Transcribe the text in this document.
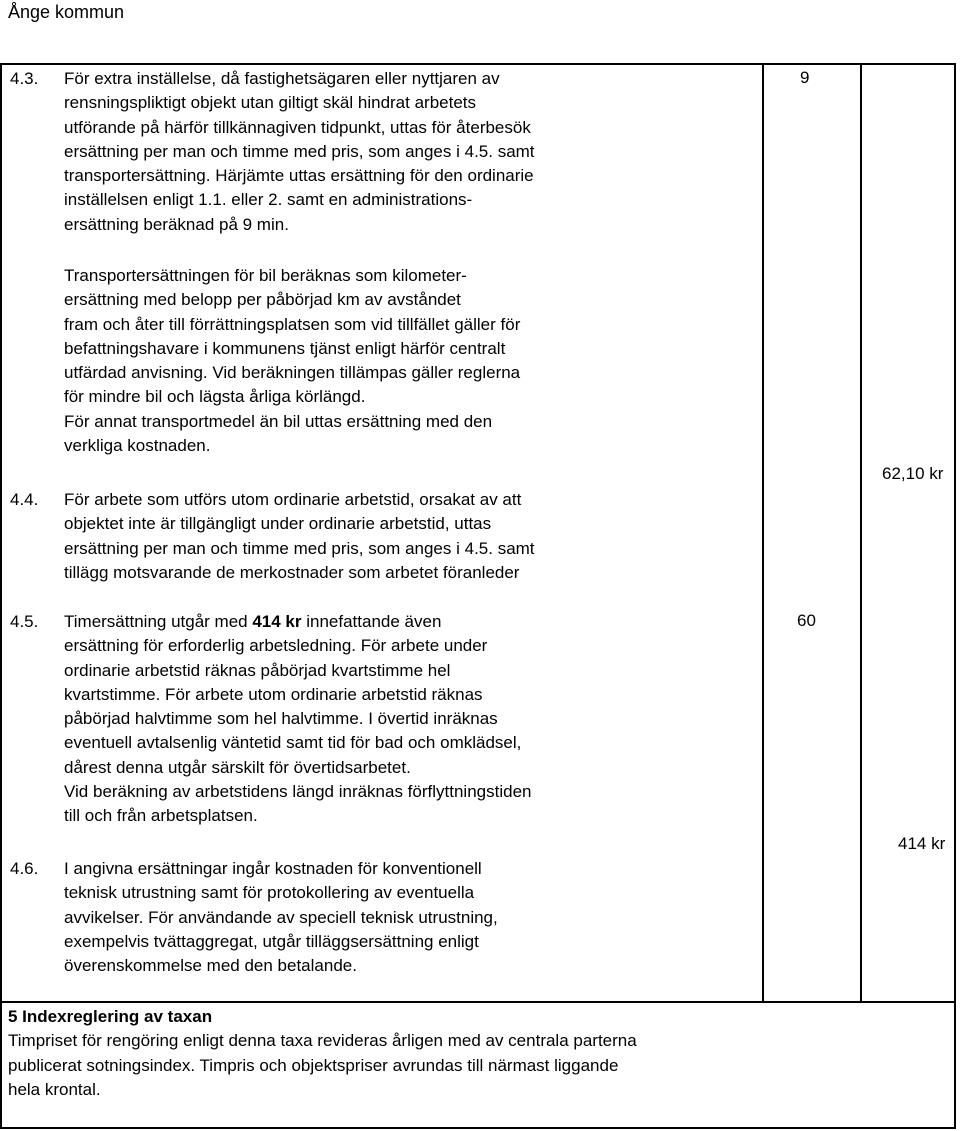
Ånge kommun
4.3. För extra inställelse, då fastighetsägaren eller nyttjaren av
rensningspliktigt objekt utan giltigt skäl hindrat arbetets
utförande på härför tillkännagiven tidpunkt, uttas för återbesök
ersättning per man och timme med pris, som anges i 4.5. samt
transportersättning. Härjämte uttas ersättning för den ordinarie
inställelsen enligt 1.1. eller 2. samt en administrations-
ersättning beräknad på 9 min.
Transportersättningen för bil beräknas som kilometer-
ersättning med belopp per påbörjad km av avståndet
fram och åter till förrättningsplatsen som vid tillfället gäller för
befattningshavare i kommunens tjänst enligt härför centralt
utfärdad anvisning. Vid beräkningen tillämpas gäller reglerna
för mindre bil och lägsta årliga körlängd.
För annat transportmedel än bil uttas ersättning med den
verkliga kostnaden.
9
62,10 kr
4.4. För arbete som utförs utom ordinarie arbetstid, orsakat av att
objektet inte är tillgängligt under ordinarie arbetstid, uttas
ersättning per man och timme med pris, som anges i 4.5. samt
tillägg motsvarande de merkostnader som arbetet föranleder
4.5. Timersättning utgår med 414 kr innefattande även
ersättning för erforderlig arbetsledning. För arbete under
ordinarie arbetstid räknas påbörjad kvartstimme hel
kvartstimme. För arbete utom ordinarie arbetstid räknas
påbörjad halvtimme som hel halvtimme. I övertid inräknas
eventuell avtalsenlig väntetid samt tid för bad och omklädsel,
dårest denna utgår särskilt för övertidsarbetet.
Vid beräkning av arbetstidens längd inräknas förflyttningstiden
till och från arbetsplatsen.
60
414 kr
4.6. I angivna ersättningar ingår kostnaden för konventionell
teknisk utrustning samt för protokollering av eventuella
avvikelser. För användande av speciell teknisk utrustning,
exempelvis tvättaggregat, utgår tilläggsersättning enligt
överenskommelse med den betalande.
5 Indexreglering av taxan
Timpriset för rengöring enligt denna taxa revideras årligen med av centrala parterna
publicerat sotningsindex. Timpris och objektspriser avrundas till närmast liggande
hela krontal.
